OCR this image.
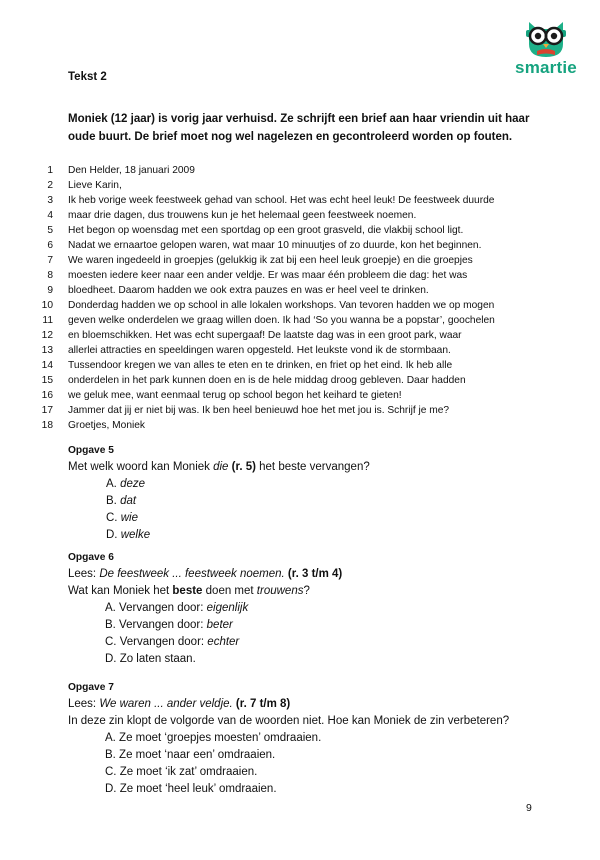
smartie
Tekst 2
Moniek (12 jaar) is vorig jaar verhuisd. Ze schrijft een brief aan haar vriendin uit haar oude buurt. De brief moet nog wel nagelezen en gecontroleerd worden op fouten.
1	Den Helder, 18 januari 2009
2	Lieve Karin,
3	Ik heb vorige week feestweek gehad van school. Het was echt heel leuk! De feestweek duurde
4	maar drie dagen, dus trouwens kun je het helemaal geen feestweek noemen.
5	Het begon op woensdag met een sportdag op een groot grasveld, die vlakbij school ligt.
6	Nadat we ernaartoe gelopen waren, wat maar 10 minuutjes of zo duurde, kon het beginnen.
7	We waren ingedeeld in groepjes (gelukkig ik zat bij een heel leuk groepje) en die groepjes
8	moesten iedere keer naar een ander veldje. Er was maar één probleem die dag: het was
9	bloedheet. Daarom hadden we ook extra pauzes en was er heel veel te drinken.
10	Donderdag hadden we op school in alle lokalen workshops. Van tevoren hadden we op mogen
11	geven welke onderdelen we graag willen doen. Ik had ‘So you wanna be a popstar’, goochelen
12	en bloemschikken. Het was echt supergaaf! De laatste dag was in een groot park, waar
13	allerlei attracties en speeldingen waren opgesteld. Het leukste vond ik de stormbaan.
14	Tussendoor kregen we van alles te eten en te drinken, en friet op het eind. Ik heb alle
15	onderdelen in het park kunnen doen en is de hele middag droog gebleven. Daar hadden
16	we geluk mee, want eenmaal terug op school begon het keihard te gieten!
17	Jammer dat jij er niet bij was. Ik ben heel benieuwd hoe het met jou is. Schrijf je me?
18	Groetjes, Moniek
Opgave 5
Met welk woord kan Moniek die (r. 5) het beste vervangen?
A. deze
B. dat
C. wie
D. welke
Opgave 6
Lees: De feestweek ... feestweek noemen. (r. 3 t/m 4)
Wat kan Moniek het beste doen met trouwens?
A. Vervangen door: eigenlijk
B. Vervangen door: beter
C. Vervangen door: echter
D. Zo laten staan.
Opgave 7
Lees: We waren ... ander veldje. (r. 7 t/m 8)
In deze zin klopt de volgorde van de woorden niet. Hoe kan Moniek de zin verbeteren?
A. Ze moet ‘groepjes moesten’ omdraaien.
B. Ze moet ‘naar een’ omdraaien.
C. Ze moet ‘ik zat’ omdraaien.
D. Ze moet ‘heel leuk’ omdraaien.
9
